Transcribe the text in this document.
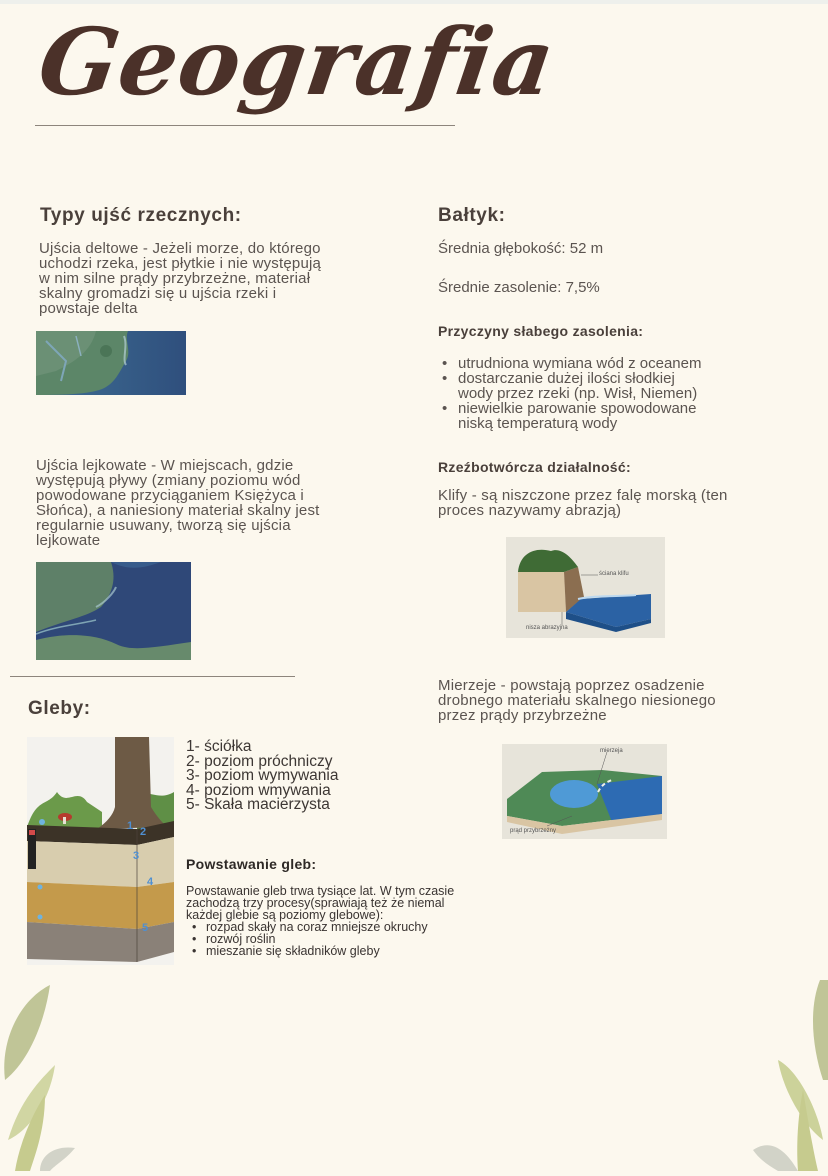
Geografia
Typy ujść rzecznych:

Ujścia deltowe - Jeżeli morze, do którego

uchodzi rzeka, jest płytkie i nie występują

w nim silne prądy przybrzeżne, materiał

skalny gromadzi się u ujścia rzeki i

powstaje delta

Ujścia lejkowate - W miejscach, gdzie

występują pływy (zmiany poziomu wód

powodowane przyciąganiem Księżyca i

Słońca), a naniesiony materiał skalny jest

regularnie usuwany, tworzą się ujścia

lejkowate

Gleby:
1 2
3
4
5
1- ściółka
2- poziom próchniczy
3- poziom wymywania
4- poziom wmywania
5- Skała macierzysta
Powstawanie gleb:
Powstawanie gleb trwa tysiące lat. W tym czasie
zachodzą trzy procesy(sprawiają też że niemal
każdej glebie są poziomy glebowe):
• rozpad skały na coraz mniejsze okruchy
• rozwój roślin
• mieszanie się składników gleby
Bałtyk:

Średnia głębokość: 52 m

Średnie zasolenie: 7,5%

Przyczyny słabego zasolenia:
• utrudniona wymiana wód z oceanem
• dostarczanie dużej ilości słodkiej
wody przez rzeki (np. Wisł, Niemen)
• niewielkie parowanie spowodowane
niską temperaturą wody
Rzeźbotwórcza działalność:

Klify - są niszczone przez falę morską (ten

proces nazywamy abrazją)

ściana klifu
nisza abrazyjna

Mierzeje - powstają poprzez osadzenie

drobnego materiału skalnego niesionego

przez prądy przybrzeżne

mierzeja
prąd przybrzeżny
